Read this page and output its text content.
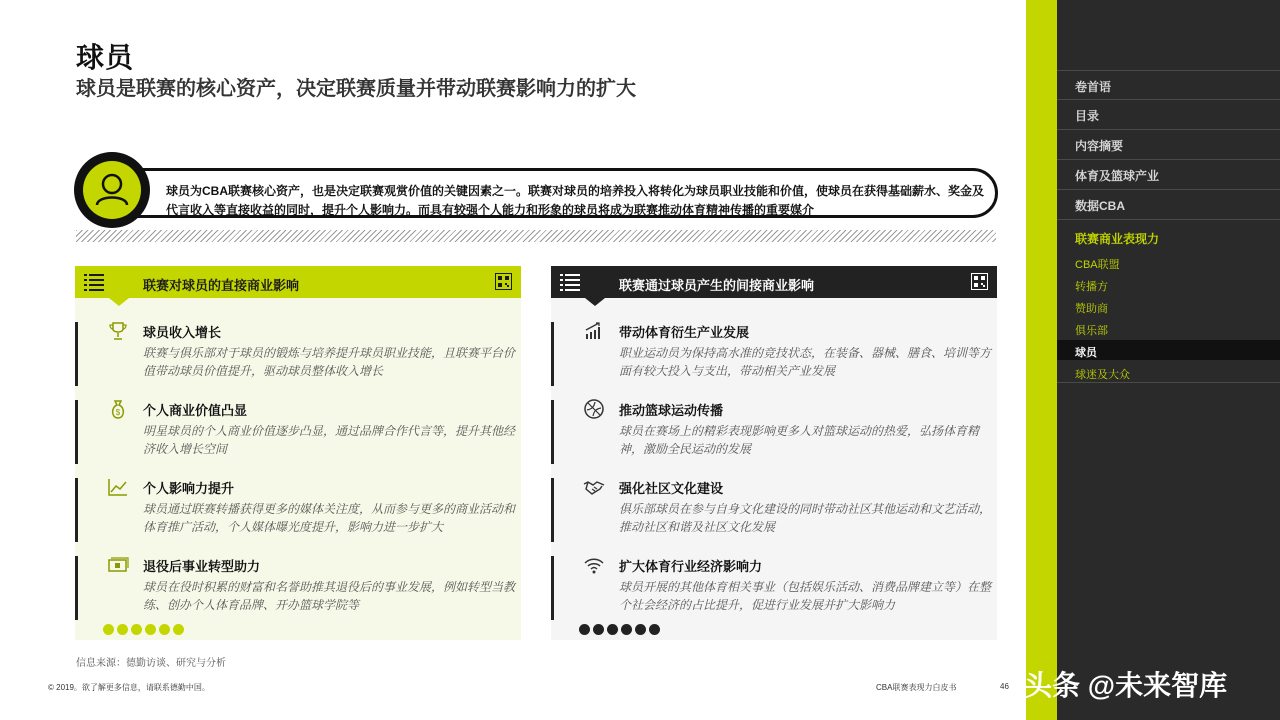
球员
球员是联赛的核心资产，决定联赛质量并带动联赛影响力的扩大
球员为CBA联赛核心资产，也是决定联赛观赏价值的关键因素之一。联赛对球员的培养投入将转化为球员职业技能和价值，使球员在获得基础薪水、奖金及代言收入等直接收益的同时，提升个人影响力。而具有较强个人能力和形象的球员将成为联赛推动体育精神传播的重要媒介
联赛对球员的直接商业影响
球员收入增长
联赛与俱乐部对于球员的锻炼与培养提升球员职业技能，且联赛平台价值带动球员价值提升，驱动球员整体收入增长
$ 个人商业价值凸显
明星球员的个人商业价值逐步凸显，通过品牌合作代言等，提升其他经济收入增长空间
个人影响力提升
球员通过联赛转播获得更多的媒体关注度，从而参与更多的商业活动和体育推广活动，个人媒体曝光度提升，影响力进一步扩大
退役后事业转型助力
球员在役时积累的财富和名誉助推其退役后的事业发展，例如转型当教练、创办个人体育品牌、开办篮球学院等
联赛通过球员产生的间接商业影响
带动体育衍生产业发展
职业运动员为保持高水准的竞技状态，在装备、器械、膳食、培训等方面有较大投入与支出，带动相关产业发展
推动篮球运动传播
球员在赛场上的精彩表现影响更多人对篮球运动的热爱，弘扬体育精神，激励全民运动的发展
强化社区文化建设
俱乐部球员在参与自身文化建设的同时带动社区其他运动和文艺活动，推动社区和谐及社区文化发展
扩大体育行业经济影响力
球员开展的其他体育相关事业（包括娱乐活动、消费品牌建立等）在整个社会经济的占比提升，促进行业发展并扩大影响力
信息来源：德勤访谈、研究与分析
© 2019。欲了解更多信息，请联系德勤中国。	CBA联赛表现力白皮书	46
卷首语
目录
内容摘要
体育及篮球产业
数据CBA
联赛商业表现力
CBA联盟
转播方
赞助商
俱乐部
球员
球迷及大众
头条 @未来智库
